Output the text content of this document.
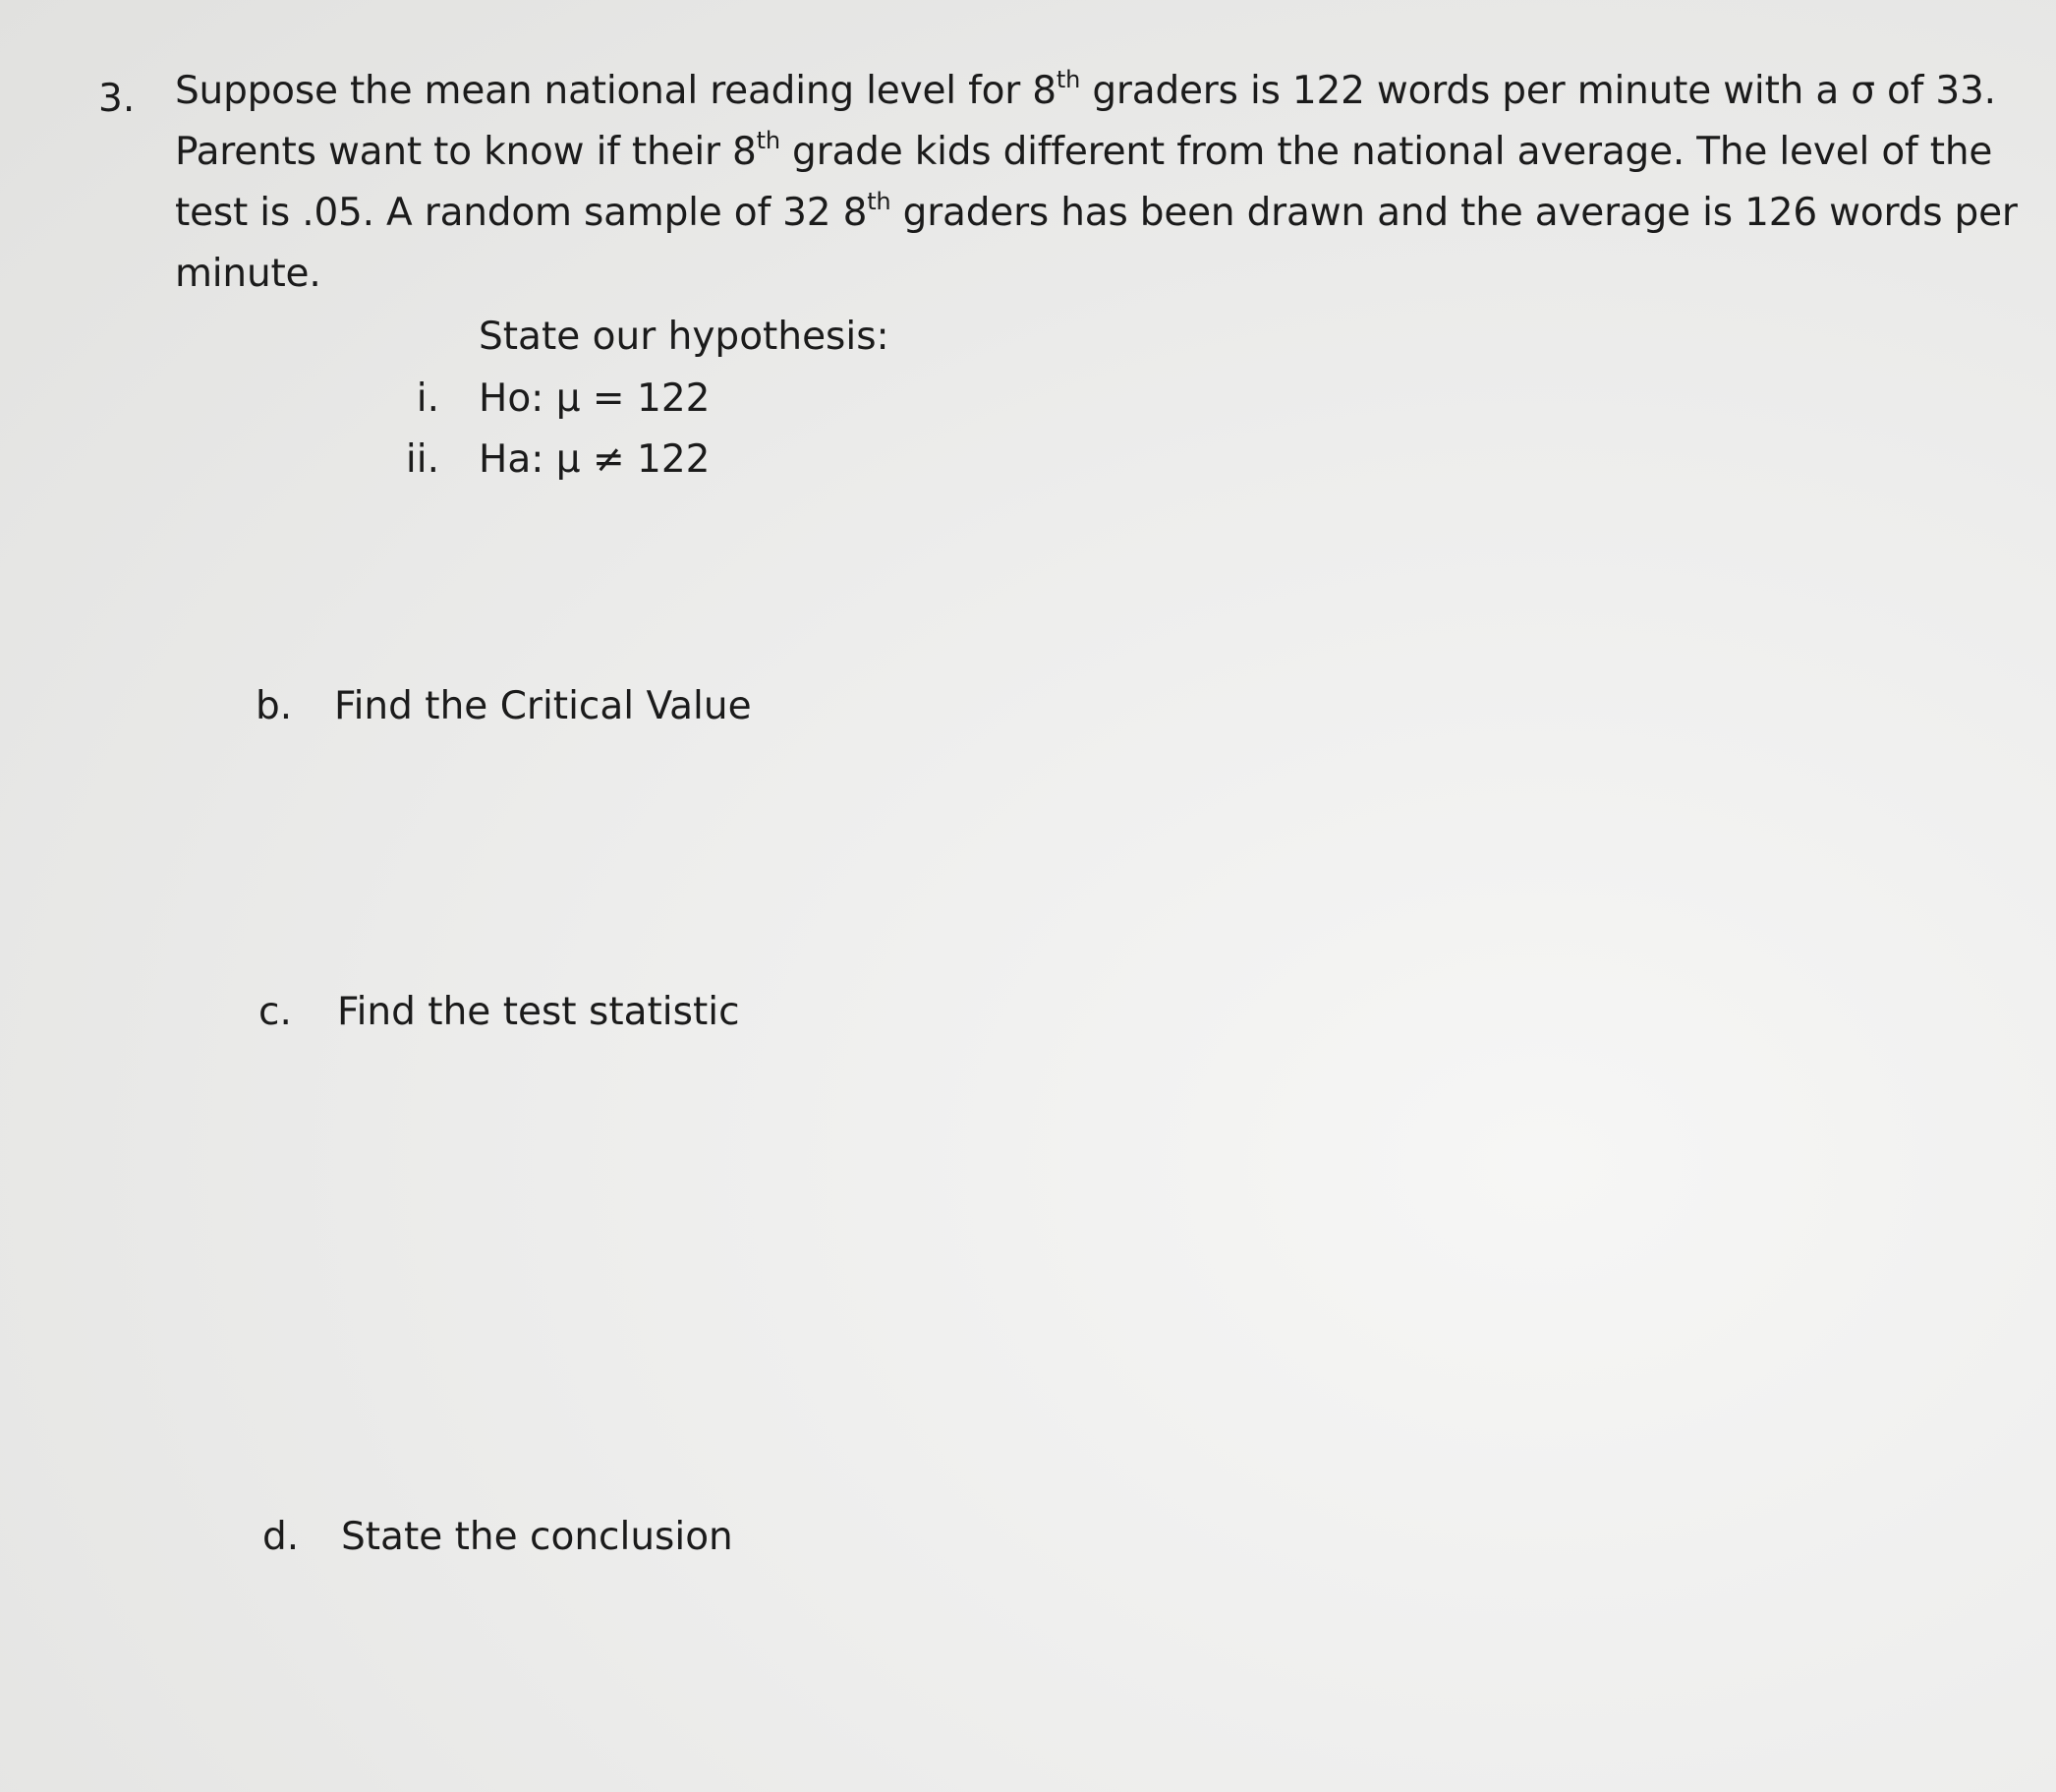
3. Suppose the mean national reading level for 8th graders is 122 words per minute with a σ of 33.
Parents want to know if their 8th grade kids different from the national average. The level of the
test is .05. A random sample of 32 8th graders has been drawn and the average is 126 words per
minute.
State our hypothesis:
i. Ho: μ = 122
ii. Ha: μ ≠ 122
b. Find the Critical Value
c. Find the test statistic
d. State the conclusion
